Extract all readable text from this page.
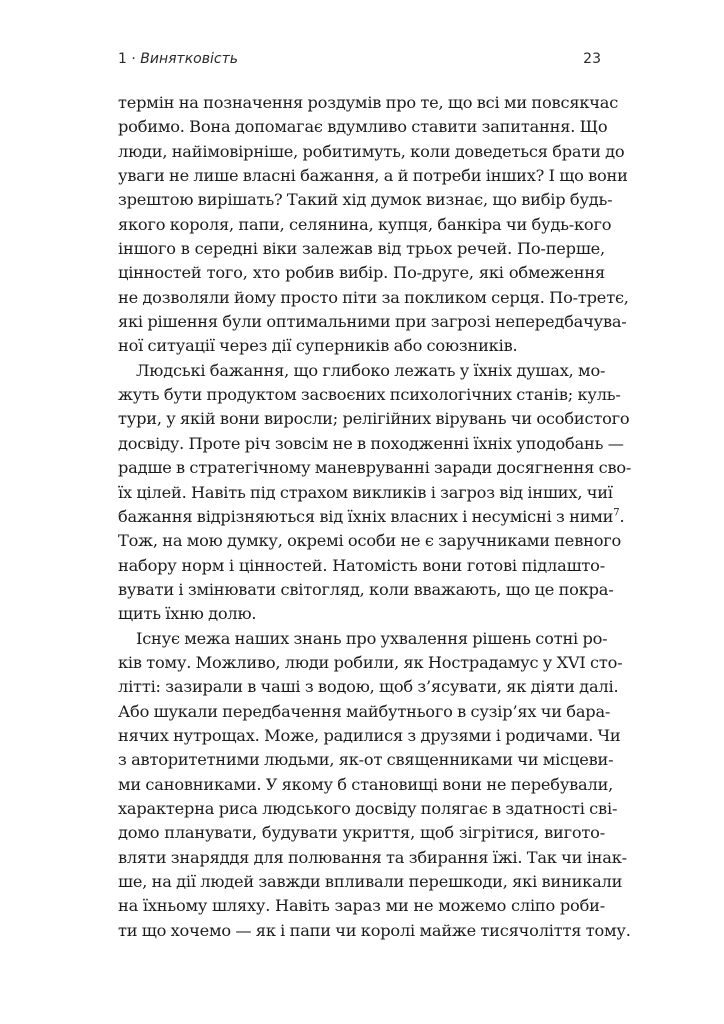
1 · Винятковість	23

термін на позначення роздумів про те, що всі ми повсякчас
робимо. Вона допомагає вдумливо ставити запитання. Що
люди, найімовірніше, робитимуть, коли доведеться брати до
уваги не лише власні бажання, а й потреби інших? І що вони
зрештою вирішать? Такий хід думок визнає, що вибір будь-
якого короля, папи, селянина, купця, банкіра чи будь-кого
іншого в середні віки залежав від трьох речей. По-перше,
цінностей того, хто робив вибір. По-друге, які обмеження
не дозволяли йому просто піти за покликом серця. По-третє,
які рішення були оптимальними при загрозі непередбачува-
ної ситуації через дії суперників або союзників.

Людські бажання, що глибоко лежать у їхніх душах, мо-
жуть бути продуктом засвоєних психологічних станів; куль-
тури, у якій вони виросли; релігійних вірувань чи особистого
досвіду. Проте річ зовсім не в походженні їхніх уподобань —
радше в стратегічному маневруванні заради досягнення сво-
їх цілей. Навіть під страхом викликів і загроз від інших, чиї
бажання відрізняються від їхніх власних і несумісні з ними$^7$.
Тож, на мою думку, окремі особи не є заручниками певного
набору норм і цінностей. Натомість вони готові підлашто-
вувати і змінювати світогляд, коли вважають, що це покра-
щить їхню долю.

Існує межа наших знань про ухвалення рішень сотні ро-
ків тому. Можливо, люди робили, як Нострадамус у XVI сто-
літті: зазирали в чаші з водою, щоб з’ясувати, як діяти далі.
Або шукали передбачення майбутнього в сузір’ях чи бара-
нячих нутрощах. Може, радилися з друзями і родичами. Чи
з авторитетними людьми, як-от священниками чи місцеви-
ми сановниками. У якому б становищі вони не перебували,
характерна риса людського досвіду полягає в здатності сві-
домо планувати, будувати укриття, щоб зігрітися, вигото-
вляти знаряддя для полювання та збирання їжі. Так чи інак-
ше, на дії людей завжди впливали перешкоди, які виникали
на їхньому шляху. Навіть зараз ми не можемо сліпо роби-
ти що хочемо — як і папи чи королі майже тисячоліття тому.
